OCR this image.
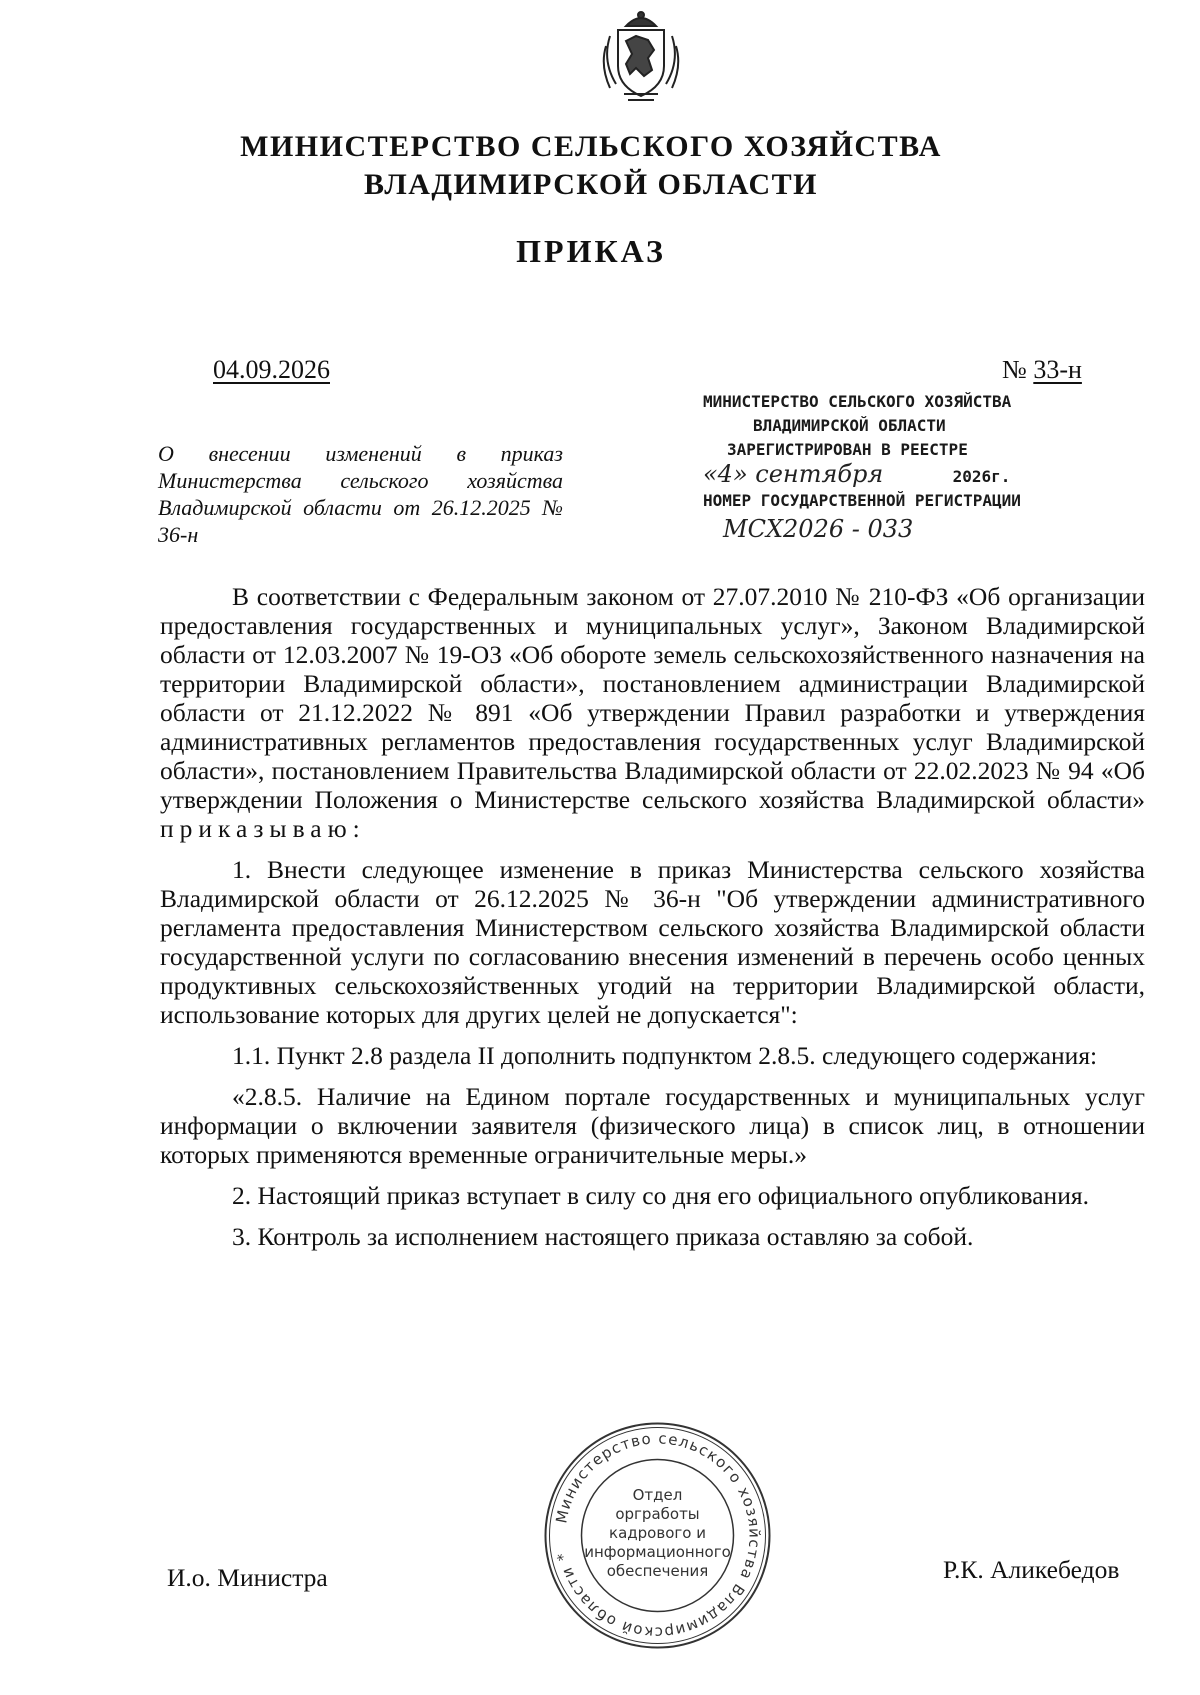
МИНИСТЕРСТВО СЕЛЬСКОГО ХОЗЯЙСТВА
ВЛАДИМИРСКОЙ ОБЛАСТИ
ПРИКАЗ
04.09.2026	№ 33-н
МИНИСТЕРСТВО СЕЛЬСКОГО ХОЗЯЙСТВА
ВЛАДИМИРСКОЙ ОБЛАСТИ
ЗАРЕГИСТРИРОВАН В РЕЕСТРЕ
«4» сентября	2026г.
НОМЕР ГОСУДАРСТВЕННОЙ РЕГИСТРАЦИИ
МСХ2026 - 033
О внесении изменений в приказ Министерства сельского хозяйства Владимирской области от 26.12.2025 № 36-н

В соответствии с Федеральным законом от 27.07.2010 № 210-ФЗ «Об организации предоставления государственных и муниципальных услуг», Законом Владимирской области от 12.03.2007 № 19-ОЗ «Об обороте земель сельскохозяйственного назначения на территории Владимирской области», постановлением администрации Владимирской области от 21.12.2022 № 891 «Об утверждении Правил разработки и утверждения административных регламентов предоставления государственных услуг Владимирской области», постановлением Правительства Владимирской области от 22.02.2023 № 94 «Об утверждении Положения о Министерстве сельского хозяйства Владимирской области» приказываю:

1. Внести следующее изменение в приказ Министерства сельского хозяйства Владимирской области от 26.12.2025 № 36-н "Об утверждении административного регламента предоставления Министерством сельского хозяйства Владимирской области государственной услуги по согласованию внесения изменений в перечень особо ценных продуктивных сельскохозяйственных угодий на территории Владимирской области, использование которых для других целей не допускается":

1.1. Пункт 2.8 раздела II дополнить подпунктом 2.8.5. следующего содержания:

«2.8.5. Наличие на Едином портале государственных и муниципальных услуг информации о включении заявителя (физического лица) в список лиц, в отношении которых применяются временные ограничительные меры.»

2. Настоящий приказ вступает в силу со дня его официального опубликования.

3. Контроль за исполнением настоящего приказа оставляю за собой.

И.о. Министра	Р.К. Аликебедов
Министерство сельского хозяйства Владимирской области *
Отдел
оргработы
кадрового и
информационного
обеспечения
